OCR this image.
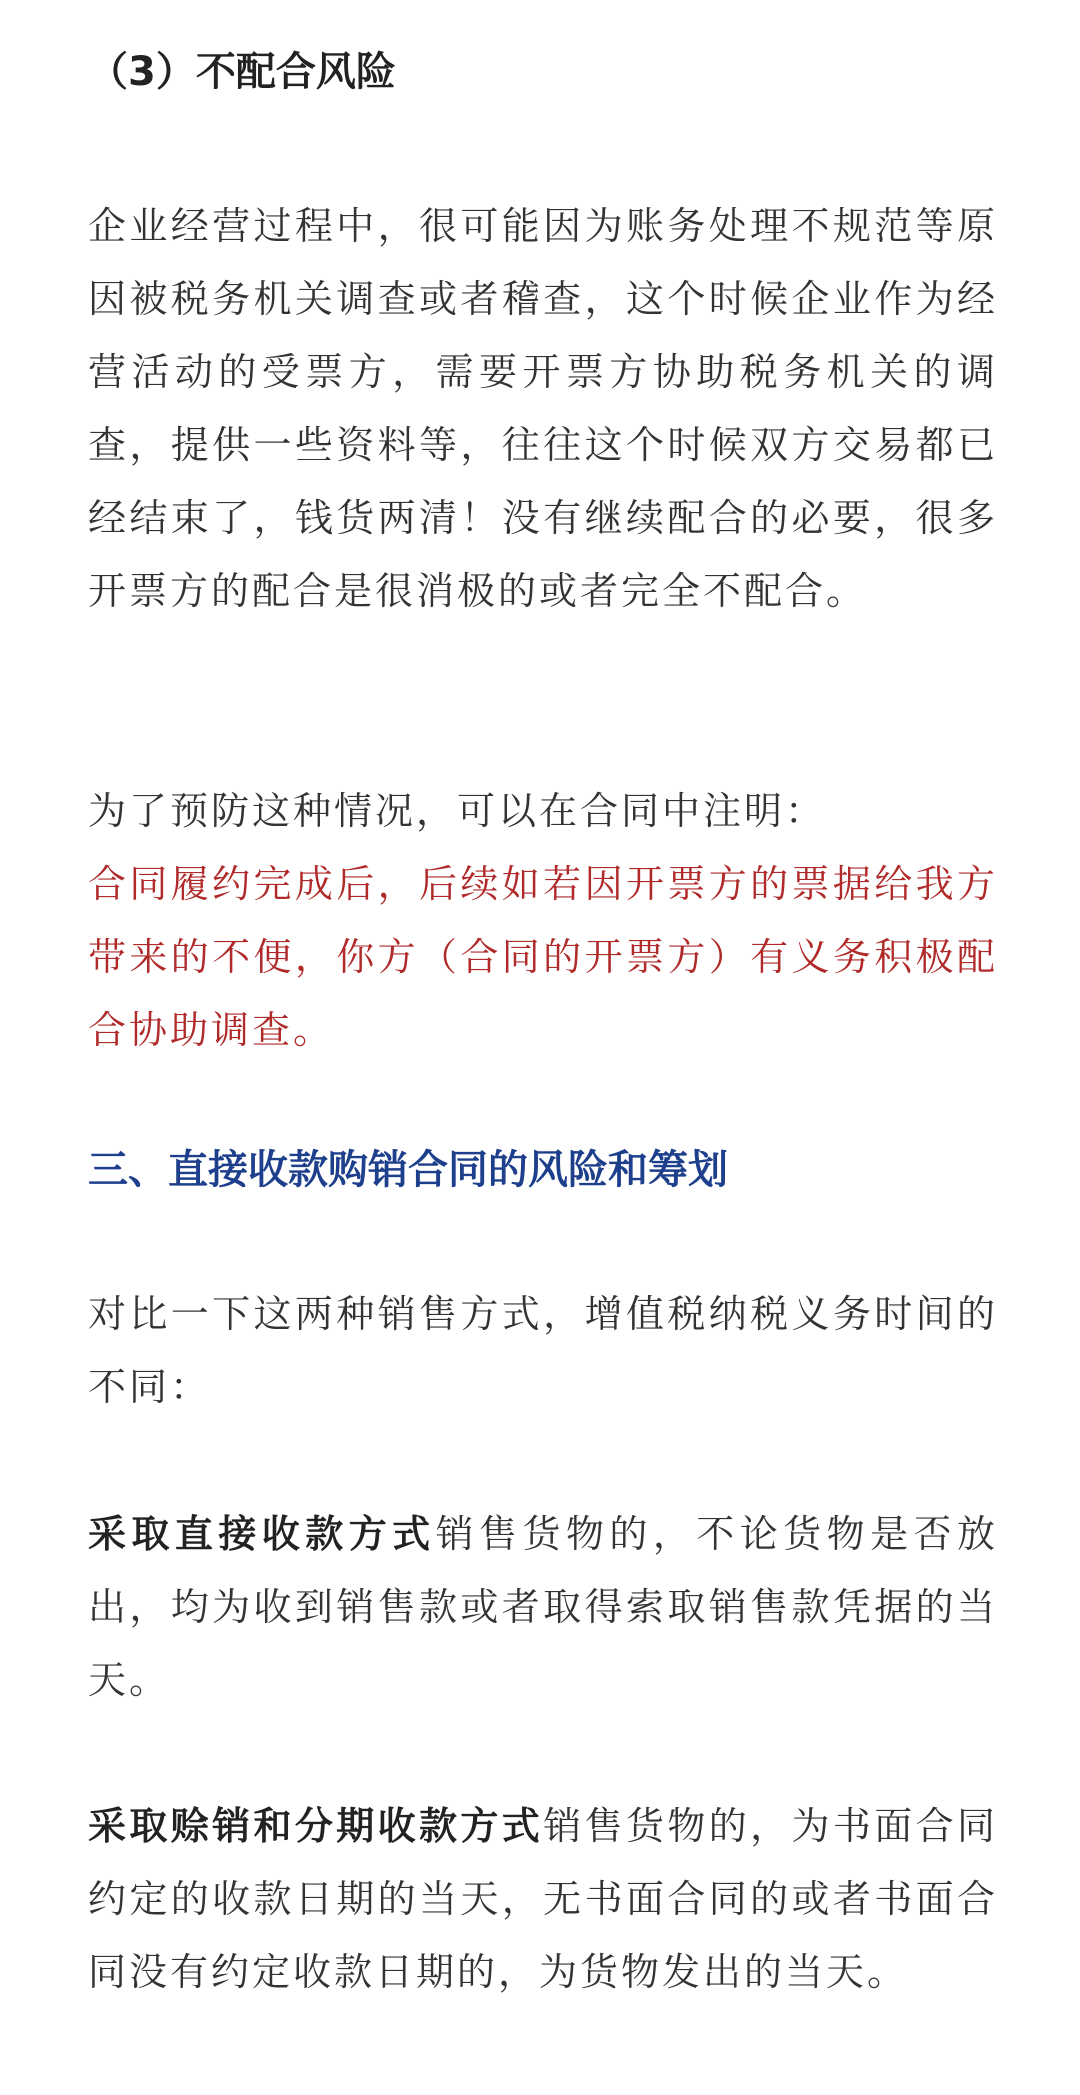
（3）不配合风险

企业经营过程中，很可能因为账务处理不规范等原因被税务机关调查或者稽查，这个时候企业作为经营活动的受票方，需要开票方协助税务机关的调查，提供一些资料等，往往这个时候双方交易都已经结束了，钱货两清！没有继续配合的必要，很多开票方的配合是很消极的或者完全不配合。

为了预防这种情况，可以在合同中注明：

合同履约完成后，后续如若因开票方的票据给我方带来的不便，你方（合同的开票方）有义务积极配合协助调查。

三、直接收款购销合同的风险和筹划

对比一下这两种销售方式，增值税纳税义务时间的不同：

采取直接收款方式销售货物的，不论货物是否放出，均为收到销售款或者取得索取销售款凭据的当天。

采取赊销和分期收款方式销售货物的，为书面合同约定的收款日期的当天，无书面合同的或者书面合同没有约定收款日期的，为货物发出的当天。
